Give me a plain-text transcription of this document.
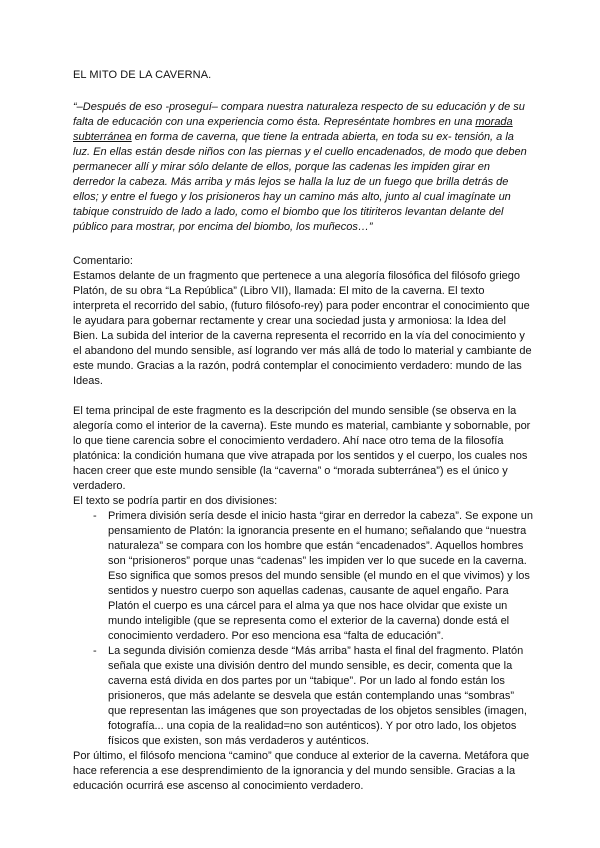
EL MITO DE LA CAVERNA.

“–Después de eso -proseguí– compara nuestra naturaleza respecto de su educación y de su falta de educación con una experiencia como ésta. Represéntate hombres en una morada subterránea en forma de caverna, que tiene la entrada abierta, en toda su ex- tensión, a la luz. En ellas están desde niños con las piernas y el cuello encadenados, de modo que deben permanecer allí y mirar sólo delante de ellos, porque las cadenas les impiden girar en derredor la cabeza. Más arriba y más lejos se halla la luz de un fuego que brilla detrás de ellos; y entre el fuego y los prisioneros hay un camino más alto, junto al cual imagínate un tabique construido de lado a lado, como el biombo que los titiriteros levantan delante del público para mostrar, por encima del biombo, los muñecos…”

Comentario:

Estamos delante de un fragmento que pertenece a una alegoría filosófica del filósofo griego Platón, de su obra “La República” (Libro VII), llamada: El mito de la caverna. El texto interpreta el recorrido del sabio, (futuro filósofo-rey) para poder encontrar el conocimiento que le ayudara para gobernar rectamente y crear una sociedad justa y armoniosa: la Idea del Bien. La subida del interior de la caverna representa el recorrido en la vía del conocimiento y el abandono del mundo sensible, así logrando ver más allá de todo lo material y cambiante de este mundo. Gracias a la razón, podrá contemplar el conocimiento verdadero: mundo de las Ideas.

El tema principal de este fragmento es la descripción del mundo sensible (se observa en la alegoría como el interior de la caverna). Este mundo es material, cambiante y sobornable, por lo que tiene carencia sobre el conocimiento verdadero. Ahí nace otro tema de la filosofía platónica: la condición humana que vive atrapada por los sentidos y el cuerpo, los cuales nos hacen creer que este mundo sensible (la “caverna” o “morada subterránea”) es el único y verdadero.

El texto se podría partir en dos divisiones:

- Primera división sería desde el inicio hasta “girar en derredor la cabeza”. Se expone un pensamiento de Platón: la ignorancia presente en el humano; señalando que “nuestra naturaleza” se compara con los hombre que están “encadenados”. Aquellos hombres son “prisioneros” porque unas “cadenas” les impiden ver lo que sucede en la caverna. Eso significa que somos presos del mundo sensible (el mundo en el que vivimos) y los sentidos y nuestro cuerpo son aquellas cadenas, causante de aquel engaño. Para Platón el cuerpo es una cárcel para el alma ya que nos hace olvidar que existe un mundo inteligible (que se representa como el exterior de la caverna) donde está el conocimiento verdadero. Por eso menciona esa “falta de educación”.
- La segunda división comienza desde “Más arriba” hasta el final del fragmento. Platón señala que existe una división dentro del mundo sensible, es decir, comenta que la caverna está divida en dos partes por un “tabique”. Por un lado al fondo están los prisioneros, que más adelante se desvela que están contemplando unas “sombras” que representan las imágenes que son proyectadas de los objetos sensibles (imagen, fotografía... una copia de la realidad=no son auténticos). Y por otro lado, los objetos físicos que existen, son más verdaderos y auténticos.

Por último, el filósofo menciona “camino” que conduce al exterior de la caverna. Metáfora que hace referencia a ese desprendimiento de la ignorancia y del mundo sensible. Gracias a la educación ocurrirá ese ascenso al conocimiento verdadero.
